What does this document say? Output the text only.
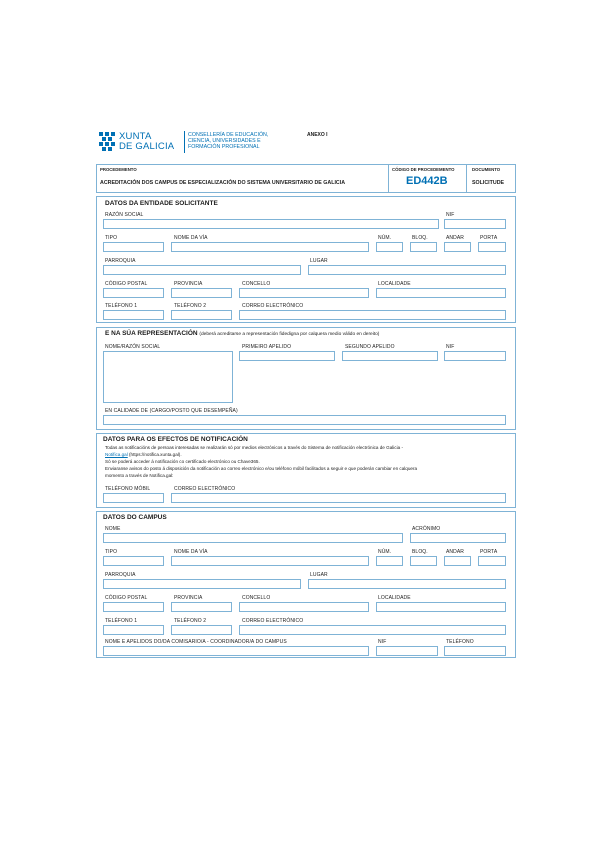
XUNTA
DE GALICIA
CONSELLERÍA DE EDUCACIÓN,
CIENCIA, UNIVERSIDADES E
FORMACIÓN PROFESIONAL
ANEXO I
PROCEDEMENTO
ACREDITACIÓN DOS CAMPUS DE ESPECIALIZACIÓN DO SISTEMA UNIVERSITARIO DE GALICIA
CÓDIGO DE PROCEDEMENTO
ED442B
DOCUMENTO
SOLICITUDE
DATOS DA ENTIDADE SOLICITANTE
RAZÓN SOCIAL	NIF
TIPO	NOME DA VÍA	NÚM.	BLOQ.	ANDAR	PORTA
PARROQUIA	LUGAR
CÓDIGO POSTAL	PROVINCIA	CONCELLO	LOCALIDADE
TELÉFONO 1	TELÉFONO 2	CORREO ELECTRÓNICO
E NA SÚA REPRESENTACIÓN (deberá acreditarse a representación fidedigna por calquera medio válido en dereito)
NOME/RAZÓN SOCIAL	PRIMEIRO APELIDO	SEGUNDO APELIDO	NIF
EN CALIDADE DE (CARGO/POSTO QUE DESEMPEÑA)
DATOS PARA OS EFECTOS DE NOTIFICACIÓN
Todas as notificacións de persoas interesadas se realizarán só por medios electrónicos a través do Sistema de notificación electrónica de Galicia -
Notifica.gal (https://notifica.xunta.gal).
Só se poderá acceder á notificación co certificado electrónico ou Chave365.
Enviaranse avisos do posto á disposición da notificación ao correo electrónico e/ou teléfono móbil facilitados a seguir e que poderán cambiar en calquera
momento a través de Notifica.gal:
TELÉFONO MÓBIL	CORREO ELECTRÓNICO
DATOS DO CAMPUS
NOME	ACRÓNIMO
TIPO	NOME DA VÍA	NÚM.	BLOQ.	ANDAR	PORTA
PARROQUIA	LUGAR
CÓDIGO POSTAL	PROVINCIA	CONCELLO	LOCALIDADE
TELÉFONO 1	TELÉFONO 2	CORREO ELECTRÓNICO
NOME E APELIDOS DO/DA COMISARIO/A - COORDINADOR/A DO CAMPUS	NIF	TELÉFONO
